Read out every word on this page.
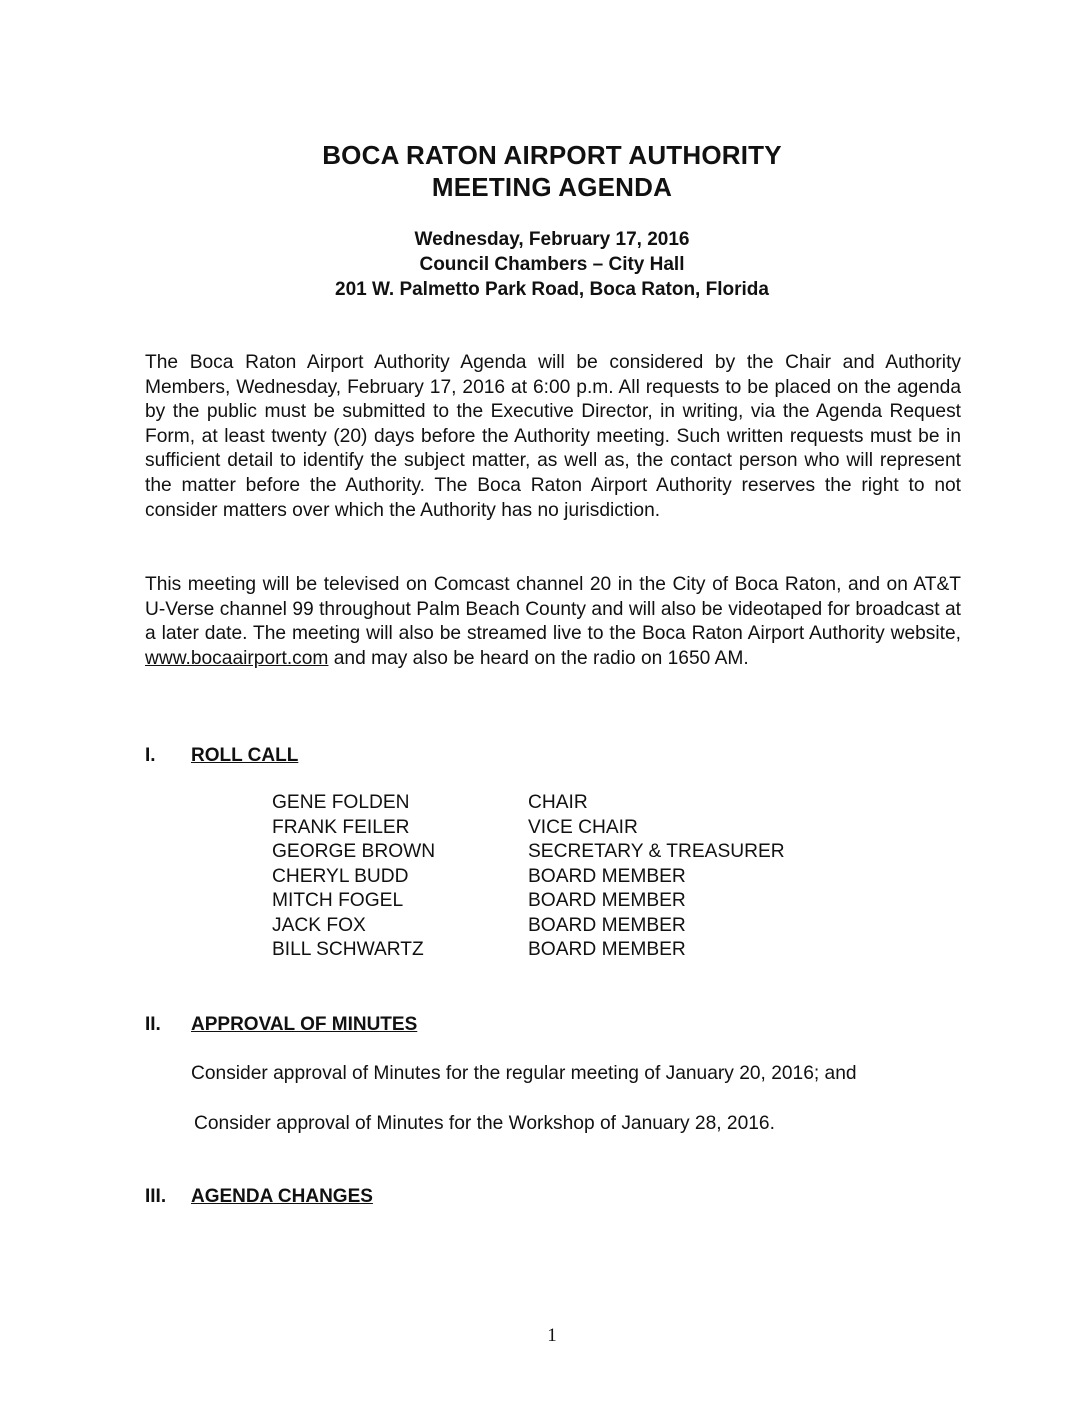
BOCA RATON AIRPORT AUTHORITY
MEETING AGENDA
Wednesday, February 17, 2016
Council Chambers – City Hall
201 W. Palmetto Park Road, Boca Raton, Florida

The Boca Raton Airport Authority Agenda will be considered by the Chair and Authority Members, Wednesday, February 17, 2016 at 6:00 p.m. All requests to be placed on the agenda by the public must be submitted to the Executive Director, in writing, via the Agenda Request Form, at least twenty (20) days before the Authority meeting. Such written requests must be in sufficient detail to identify the subject matter, as well as, the contact person who will represent the matter before the Authority. The Boca Raton Airport Authority reserves the right to not consider matters over which the Authority has no jurisdiction.

This meeting will be televised on Comcast channel 20 in the City of Boca Raton, and on AT&T U-Verse channel 99 throughout Palm Beach County and will also be videotaped for broadcast at a later date. The meeting will also be streamed live to the Boca Raton Airport Authority website, www.bocaairport.com and may also be heard on the radio on 1650 AM.

I. ROLL CALL
GENE FOLDEN	CHAIR
FRANK FEILER	VICE CHAIR
GEORGE BROWN	SECRETARY & TREASURER
CHERYL BUDD	BOARD MEMBER
MITCH FOGEL	BOARD MEMBER
JACK FOX	BOARD MEMBER
BILL SCHWARTZ	BOARD MEMBER
II. APPROVAL OF MINUTES
Consider approval of Minutes for the regular meeting of January 20, 2016; and
Consider approval of Minutes for the Workshop of January 28, 2016.
III. AGENDA CHANGES
1
